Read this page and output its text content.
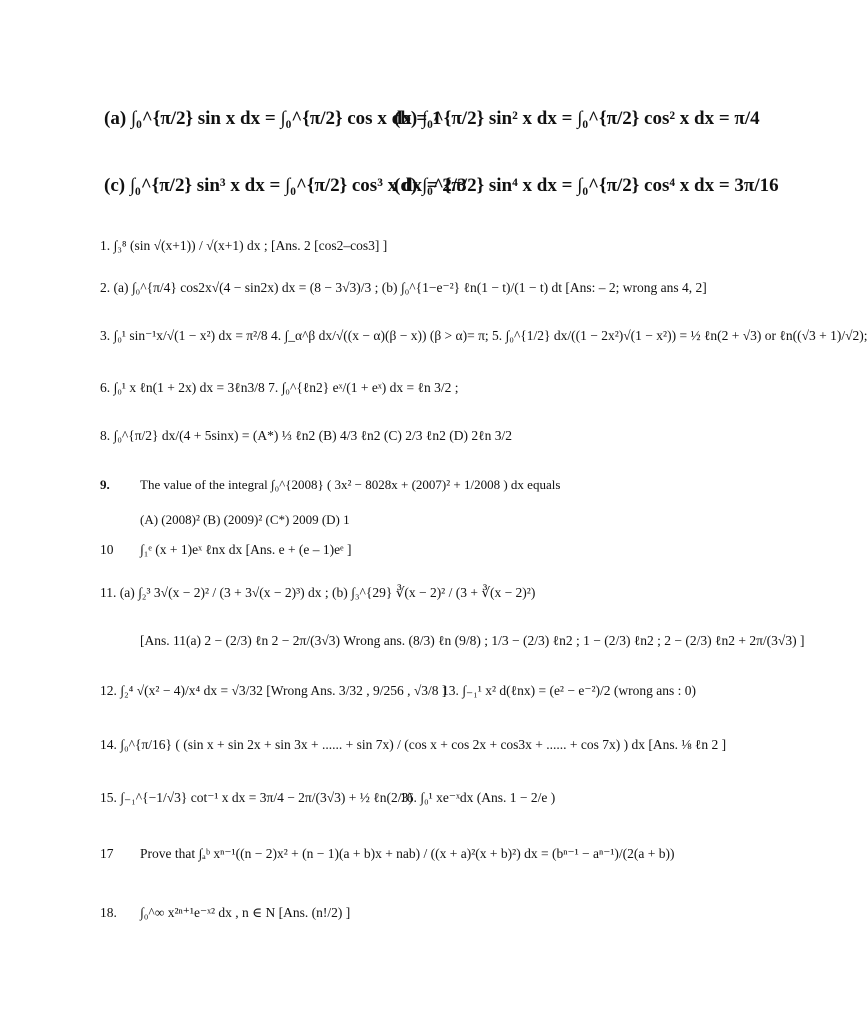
(a) ∫₀^{π/2} sin x dx = ∫₀^{π/2} cos x dx = 1
(b) ∫₀^{π/2} sin² x dx = ∫₀^{π/2} cos² x dx = π/4
(c) ∫₀^{π/2} sin³ x dx = ∫₀^{π/2} cos³ x dx = 2/3
(d) ∫₀^{π/2} sin⁴ x dx = ∫₀^{π/2} cos⁴ x dx = 3π/16
1. ∫₃⁸ (sin √(x+1)) / √(x+1) dx ; [Ans. 2 [cos2–cos3] ]
2. (a) ∫₀^{π/4} cos2x√(4 − sin2x) dx = (8 − 3√3)/3 ; (b) ∫₀^{1−e⁻²} ℓn(1 − t)/(1 − t) dt [Ans: – 2; wrong ans 4, 2]
3. ∫₀¹ sin⁻¹x/√(1 − x²) dx = π²/8 4. ∫_α^β dx/√((x − α)(β − x)) (β > α)= π; 5. ∫₀^{1/2} dx/((1 − 2x²)√(1 − x²)) = ½ ℓn(2 + √3) or ℓn((√3 + 1)/√2);
6. ∫₀¹ x ℓn(1 + 2x) dx = 3ℓn3/8 7. ∫₀^{ℓn2} eˣ/(1 + eˣ) dx = ℓn 3/2 ;
8. ∫₀^{π/2} dx/(4 + 5sinx) = (A*) ⅓ ℓn2 (B) 4/3 ℓn2 (C) 2/3 ℓn2 (D) 2ℓn 3/2
9. The value of the integral ∫₀^{2008} ( 3x² − 8028x + (2007)² + 1/2008 ) dx equals
(A) (2008)² (B) (2009)² (C*) 2009 (D) 1
10 ∫₁ᵉ (x + 1)eˣ ℓnx dx [Ans. e + (e – 1)eᵉ ]
11. (a) ∫₂³ 3√(x − 2)² / (3 + 3√(x − 2)³) dx ; (b) ∫₃^{29} ∛(x − 2)² / (3 + ∛(x − 2)²)
[Ans. 11(a) 2 − (2/3) ℓn 2 − 2π/(3√3) Wrong ans. (8/3) ℓn (9/8) ; 1/3 − (2/3) ℓn2 ; 1 − (2/3) ℓn2 ; 2 − (2/3) ℓn2 + 2π/(3√3) ]
12. ∫₂⁴ √(x² − 4)/x⁴ dx = √3/32 [Wrong Ans. 3/32 , 9/256 , √3/8 ]
13. ∫₋₁¹ x² d(ℓnx) = (e² − e⁻²)/2 (wrong ans : 0)
14. ∫₀^{π/16} ( (sin x + sin 2x + sin 3x + ...... + sin 7x) / (cos x + cos 2x + cos3x + ...... + cos 7x) ) dx [Ans. ⅛ ℓn 2 ]
15. ∫₋₁^{−1/√3} cot⁻¹ x dx = 3π/4 − 2π/(3√3) + ½ ℓn(2/3)
16. ∫₀¹ xe⁻ˣdx (Ans. 1 − 2/e )
17 Prove that ∫ₐᵇ xⁿ⁻¹((n − 2)x² + (n − 1)(a + b)x + nab) / ((x + a)²(x + b)²) dx = (bⁿ⁻¹ − aⁿ⁻¹)/(2(a + b))
18. ∫₀^∞ x²ⁿ⁺¹e⁻ˣ² dx , n ∈ N [Ans. (n!/2) ]
